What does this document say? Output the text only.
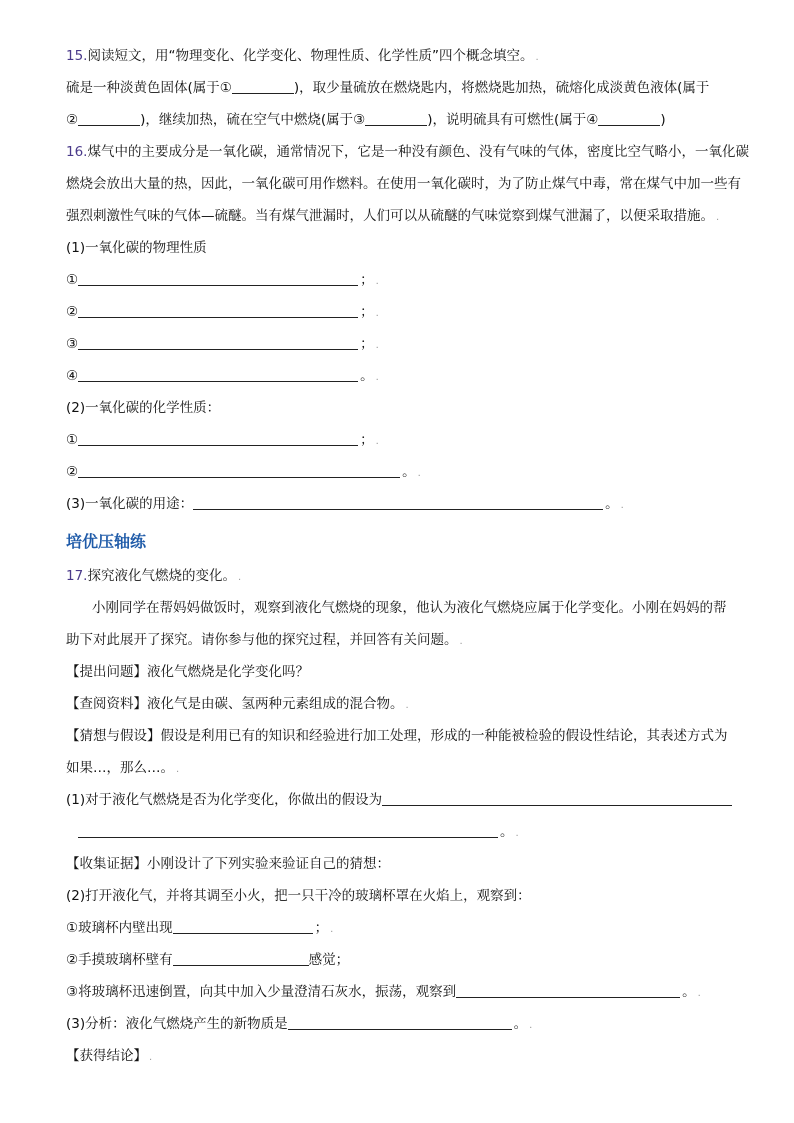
15.阅读短文，用“物理变化、化学变化、物理性质、化学性质”四个概念填空。 .
硫是一种淡黄色固体(属于①	)，取少量硫放在燃烧匙内，将燃烧匙加热，硫熔化成淡黄色液体(属于
②	)，继续加热，硫在空气中燃烧(属于③	)，说明硫具有可燃性(属于④	)
16.煤气中的主要成分是一氧化碳，通常情况下，它是一种没有颜色、没有气味的气体，密度比空气略小，一氧化碳
燃烧会放出大量的热，因此，一氧化碳可用作燃料。在使用一氧化碳时，为了防止煤气中毒，常在煤气中加一些有
强烈刺激性气味的气体—硫醚。当有煤气泄漏时，人们可以从硫醚的气味觉察到煤气泄漏了，以便采取措施。 .
(1)一氧化碳的物理性质
①	； .
②	； .
③	； .
④	。 .
(2)一氧化碳的化学性质：
①	； .
②	。 .
(3)一氧化碳的用途：	。 .
培优压轴练
17.探究液化气燃烧的变化。 .
小刚同学在帮妈妈做饭时，观察到液化气燃烧的现象，他认为液化气燃烧应属于化学变化。小刚在妈妈的帮
助下对此展开了探究。请你参与他的探究过程，并回答有关问题。 .
【提出问题】液化气燃烧是化学变化吗？
【查阅资料】液化气是由碳、氢两种元素组成的混合物。 .
【猜想与假设】假设是利用已有的知识和经验进行加工处理，形成的一种能被检验的假设性结论，其表述方式为
如果…，那么…。 .
(1)对于液化气燃烧是否为化学变化，你做出的假设为
。 .
【收集证据】小刚设计了下列实验来验证自己的猜想：
(2)打开液化气，并将其调至小火，把一只干冷的玻璃杯罩在火焰上，观察到：
①玻璃杯内壁出现	； .
②手摸玻璃杯壁有	感觉；
③将玻璃杯迅速倒置，向其中加入少量澄清石灰水，振荡，观察到	。 .
(3)分析：液化气燃烧产生的新物质是	。 .
【获得结论】 .
